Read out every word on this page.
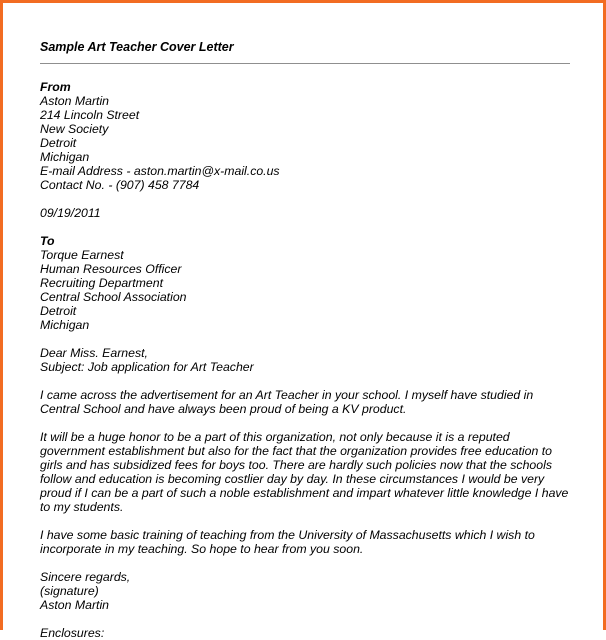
Sample Art Teacher Cover Letter
From
Aston Martin
214 Lincoln Street
New Society
Detroit
Michigan
E-mail Address - aston.martin@x-mail.co.us
Contact No. - (907) 458 7784
09/19/2011
To
Torque Earnest
Human Resources Officer
Recruiting Department
Central School Association
Detroit
Michigan
Dear Miss. Earnest,
Subject: Job application for Art Teacher
I came across the advertisement for an Art Teacher in your school. I myself have studied in
Central School and have always been proud of being a KV product.
It will be a huge honor to be a part of this organization, not only because it is a reputed
government establishment but also for the fact that the organization provides free education to
girls and has subsidized fees for boys too. There are hardly such policies now that the schools
follow and education is becoming costlier day by day. In these circumstances I would be very
proud if I can be a part of such a noble establishment and impart whatever little knowledge I have
to my students.
I have some basic training of teaching from the University of Massachusetts which I wish to
incorporate in my teaching. So hope to hear from you soon.
Sincere regards,
(signature)
Aston Martin
Enclosures:
